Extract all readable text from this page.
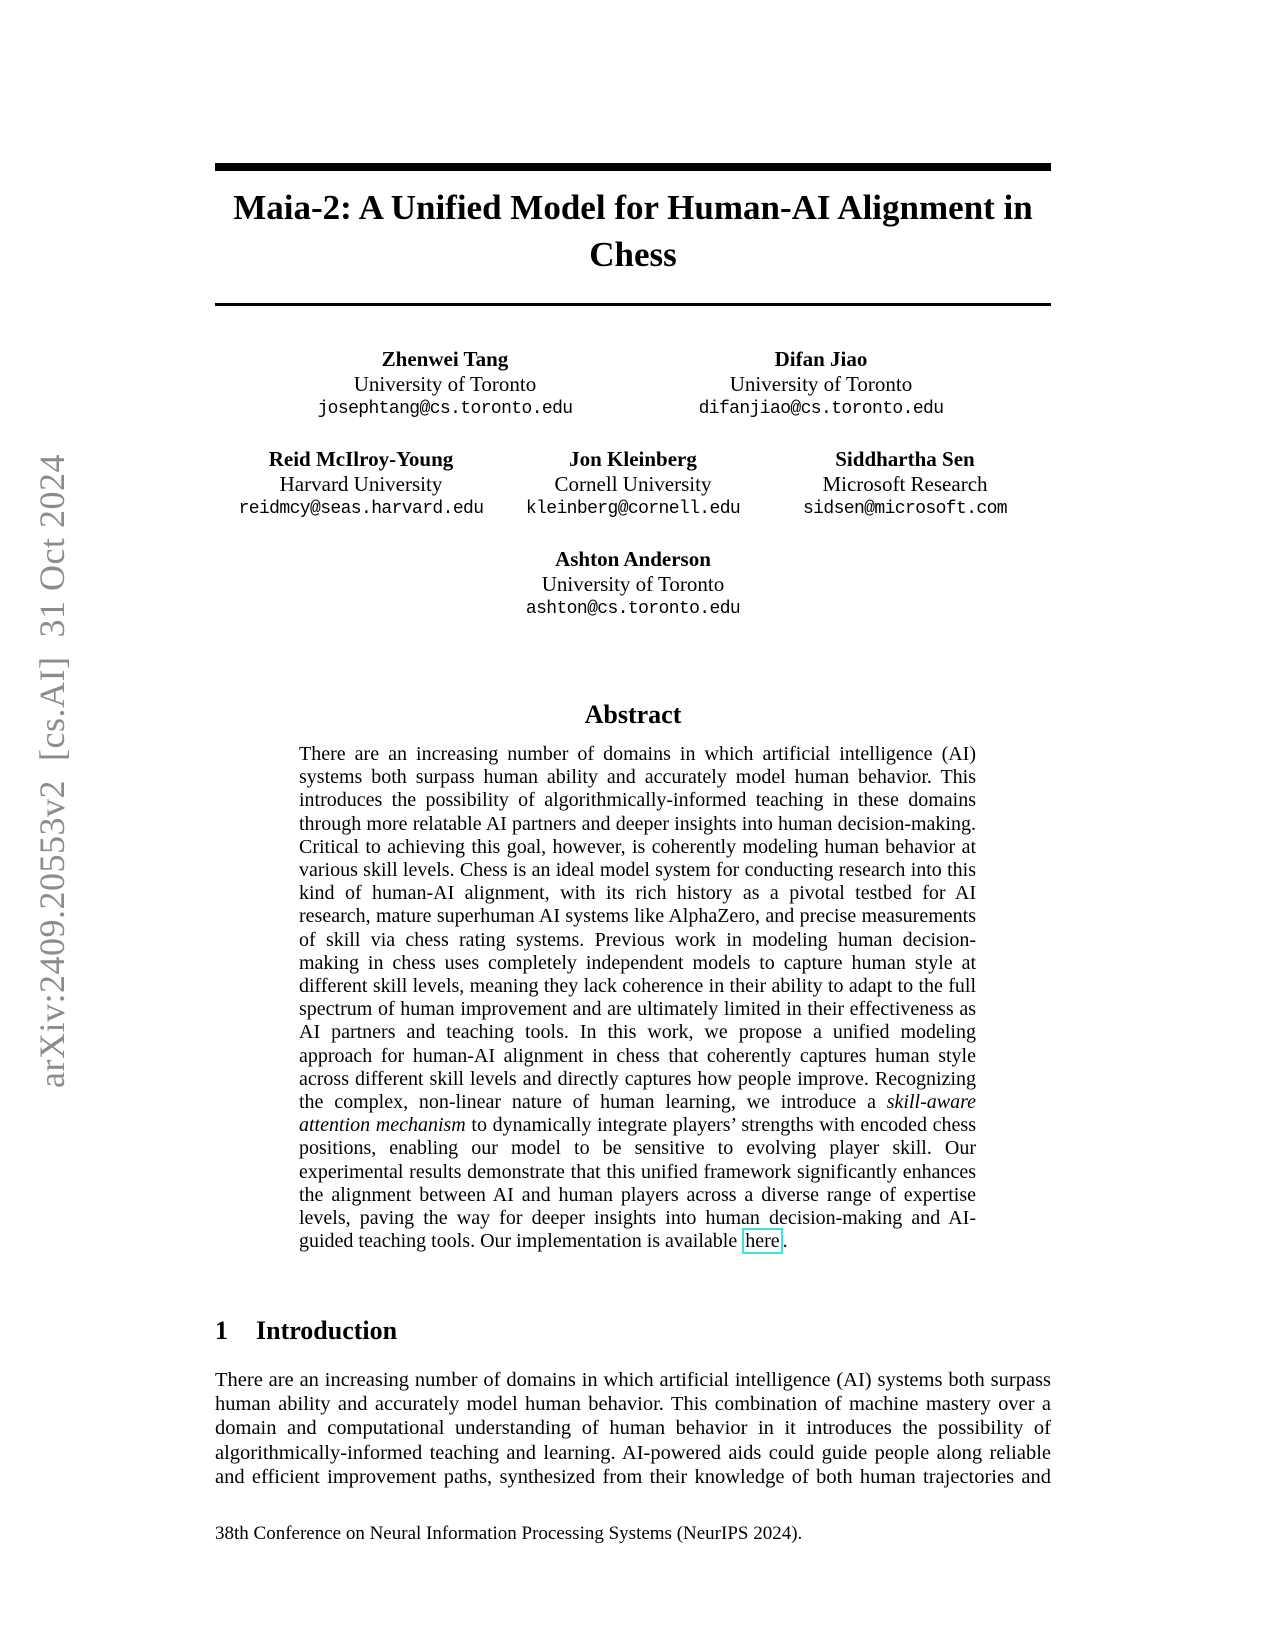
arXiv:2409.20553v2  [cs.AI]  31 Oct 2024
Maia-2: A Unified Model for Human-AI Alignment in
Chess
Zhenwei Tang
University of Toronto
josephtang@cs.toronto.edu
Difan Jiao
University of Toronto
difanjiao@cs.toronto.edu
Reid McIlroy-Young
Harvard University
reidmcy@seas.harvard.edu
Jon Kleinberg
Cornell University
kleinberg@cornell.edu
Siddhartha Sen
Microsoft Research
sidsen@microsoft.com
Ashton Anderson
University of Toronto
ashton@cs.toronto.edu
Abstract
There are an increasing number of domains in which artificial intelligence (AI) systems both surpass human ability and accurately model human behavior. This introduces the possibility of algorithmically-informed teaching in these domains through more relatable AI partners and deeper insights into human decision-making. Critical to achieving this goal, however, is coherently modeling human behavior at various skill levels. Chess is an ideal model system for conducting research into this kind of human-AI alignment, with its rich history as a pivotal testbed for AI research, mature superhuman AI systems like AlphaZero, and precise measurements of skill via chess rating systems. Previous work in modeling human decision-making in chess uses completely independent models to capture human style at different skill levels, meaning they lack coherence in their ability to adapt to the full spectrum of human improvement and are ultimately limited in their effectiveness as AI partners and teaching tools. In this work, we propose a unified modeling approach for human-AI alignment in chess that coherently captures human style across different skill levels and directly captures how people improve. Recognizing the complex, non-linear nature of human learning, we introduce a skill-aware attention mechanism to dynamically integrate players’ strengths with encoded chess positions, enabling our model to be sensitive to evolving player skill. Our experimental results demonstrate that this unified framework significantly enhances the alignment between AI and human players across a diverse range of expertise levels, paving the way for deeper insights into human decision-making and AI-guided teaching tools. Our implementation is available here .
1 Introduction
There are an increasing number of domains in which artificial intelligence (AI) systems both surpass human ability and accurately model human behavior. This combination of machine mastery over a domain and computational understanding of human behavior in it introduces the possibility of algorithmically-informed teaching and learning. AI-powered aids could guide people along reliable and efficient improvement paths, synthesized from their knowledge of both human trajectories and
38th Conference on Neural Information Processing Systems (NeurIPS 2024).
